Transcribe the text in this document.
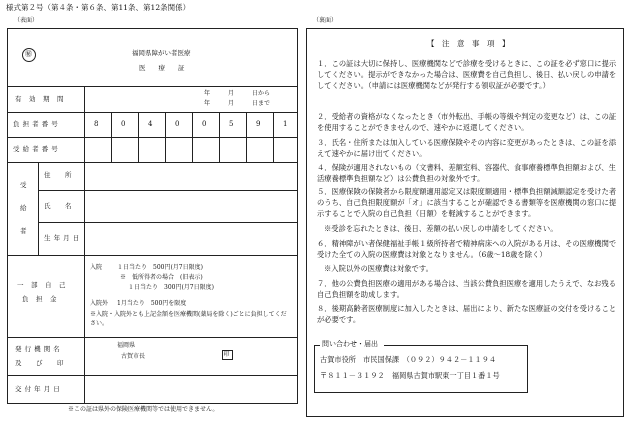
様式第２号（第４条・第６条、第11条、第12条関係）
（表面）	（裏面）
㊙	福岡県障がい者医療
医　　療　　証
有　効　期　間
年　　　月　　　日から
年　　　月　　　日まで
負 担 者 番 号	8	0	4	0	0	5	9	1
受 給 者 番 号
受
給
者
住　　所
氏　　名
生 年 月 日
一　部　自　己
負　担　金
入院 １日当たり　500円(月7日限度)
※　低所得者の場合　(旧表示)
１日当たり　300円(月7日限度)
入院外 1月当たり　500円を限度
※入院・入院外とも上記金額を医療機関(薬局を除く)ごとに負担してください。
発 行 機 関 名
及　　び　　印
福岡県
古賀市長	印
交 付 年 月 日
※この証は県外の保険医療機関等では使用できません。
【　注　意　事　項　】
１．この証は大切に保持し、医療機関などで診療を受けるときに、この証を必ず窓口に提示してください。提示ができなかった場合は、医療費を自己負担し、後日、払い戻しの申請をしてください。（申請には医療機関などが発行する領収証が必要です。）
２．受給者の資格がなくなったとき（市外転出、手帳の等級や判定の変更など）は、この証を使用することができませんので、速やかに返還してください。
３．氏名・住所または加入している医療保険やその内容に変更があったときは、この証を添えて速やかに届け出てください。
４．保険が適用されないもの（文書料、差額室料、容器代、食事療養標準負担額および、生活療養標準負担額など）は公費負担の対象外です。
５．医療保険の保険者から限度額適用認定又は限度額適用・標準負担額減額認定を受けた者のうち、自己負担限度額が「オ」に該当することが確認できる書類等を医療機関の窓口に提示することで入院の自己負担（日額）を軽減することができます。
※受診を忘れたときは、後日、差額の払い戻しの申請をしてください。
６．精神障がい者保健福祉手帳１級所持者で精神病床への入院がある月は、その医療機関で受けた全ての入院の医療費は対象となりません。（6歳～18歳を除く）
※入院以外の医療費は対象です。
７．他の公費負担医療の適用がある場合は、当該公費負担医療を適用したうえで、なお残る自己負担額を助成します。
８．後期高齢者医療制度に加入したときは、届出により、新たな医療証の交付を受けることが必要です。
問い合わせ・届出
古賀市役所　市民国保課　（０９２）９４２－１１９４
〒８１１－３１９２　福岡県古賀市駅東一丁目１番１号
